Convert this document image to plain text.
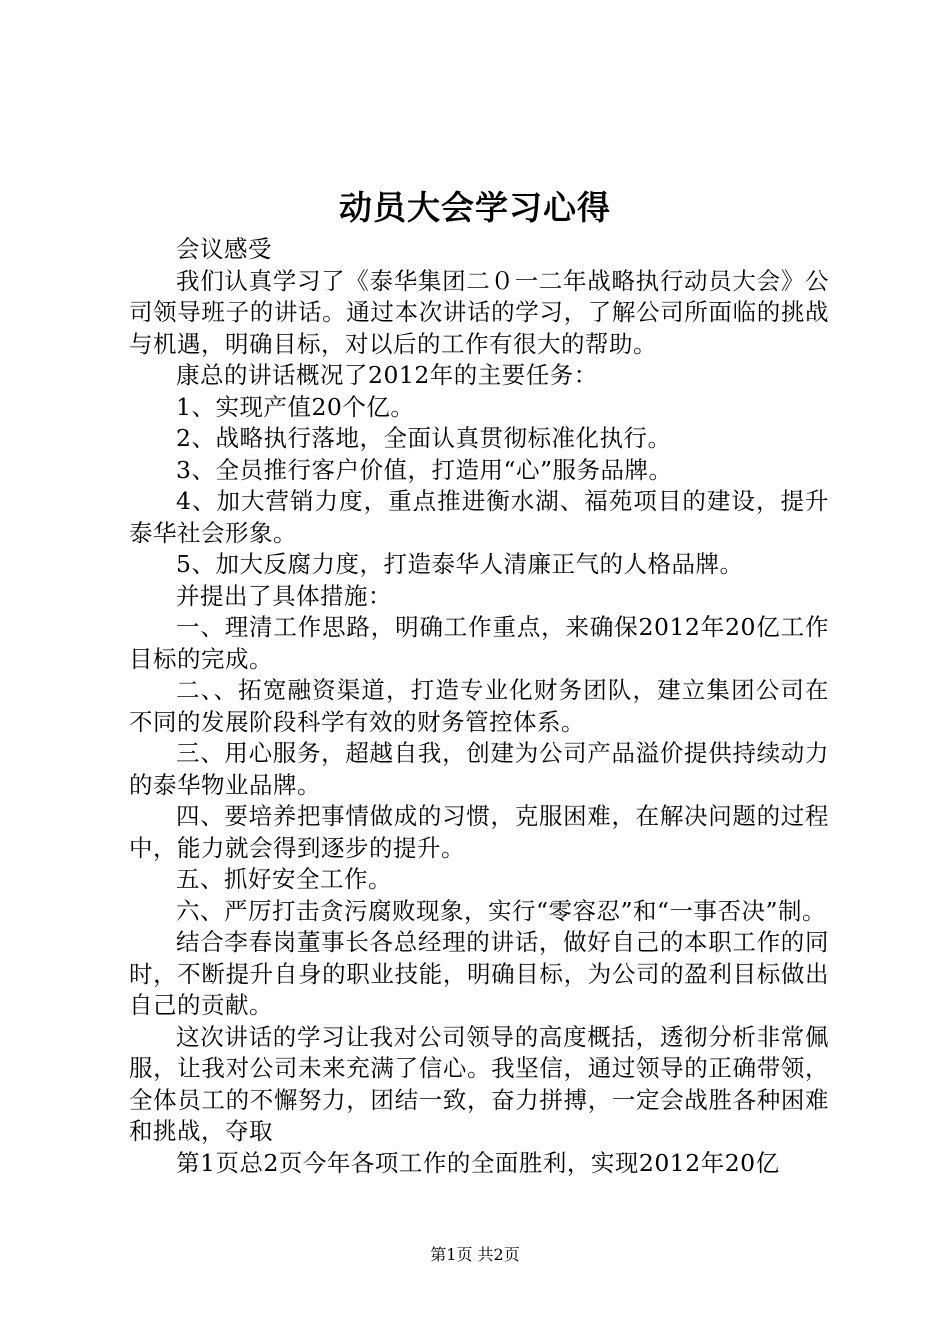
动员大会学习心得

会议感受

我们认真学习了《泰华集团二０一二年战略执行动员大会》公司领导班子的讲话。通过本次讲话的学习，了解公司所面临的挑战与机遇，明确目标，对以后的工作有很大的帮助。

康总的讲话概况了2012年的主要任务：

1、实现产值20个亿。

2、战略执行落地，全面认真贯彻标准化执行。

3、全员推行客户价值，打造用“心”服务品牌。

4、加大营销力度，重点推进衡水湖、福苑项目的建设，提升泰华社会形象。

5、加大反腐力度，打造泰华人清廉正气的人格品牌。

并提出了具体措施：

一、理清工作思路，明确工作重点，来确保2012年20亿工作目标的完成。

二、、拓宽融资渠道，打造专业化财务团队，建立集团公司在不同的发展阶段科学有效的财务管控体系。

三、用心服务，超越自我，创建为公司产品溢价提供持续动力的泰华物业品牌。

四、要培养把事情做成的习惯，克服困难，在解决问题的过程中，能力就会得到逐步的提升。

五、抓好安全工作。

六、严厉打击贪污腐败现象，实行“零容忍”和“一事否决”制。

结合李春岗董事长各总经理的讲话，做好自己的本职工作的同时，不断提升自身的职业技能，明确目标，为公司的盈利目标做出自己的贡献。

这次讲话的学习让我对公司领导的高度概括，透彻分析非常佩服，让我对公司未来充满了信心。我坚信，通过领导的正确带领，全体员工的不懈努力，团结一致，奋力拼搏，一定会战胜各种困难和挑战，夺取

第1页总2页今年各项工作的全面胜利，实现2012年20亿

第1页 共2页
